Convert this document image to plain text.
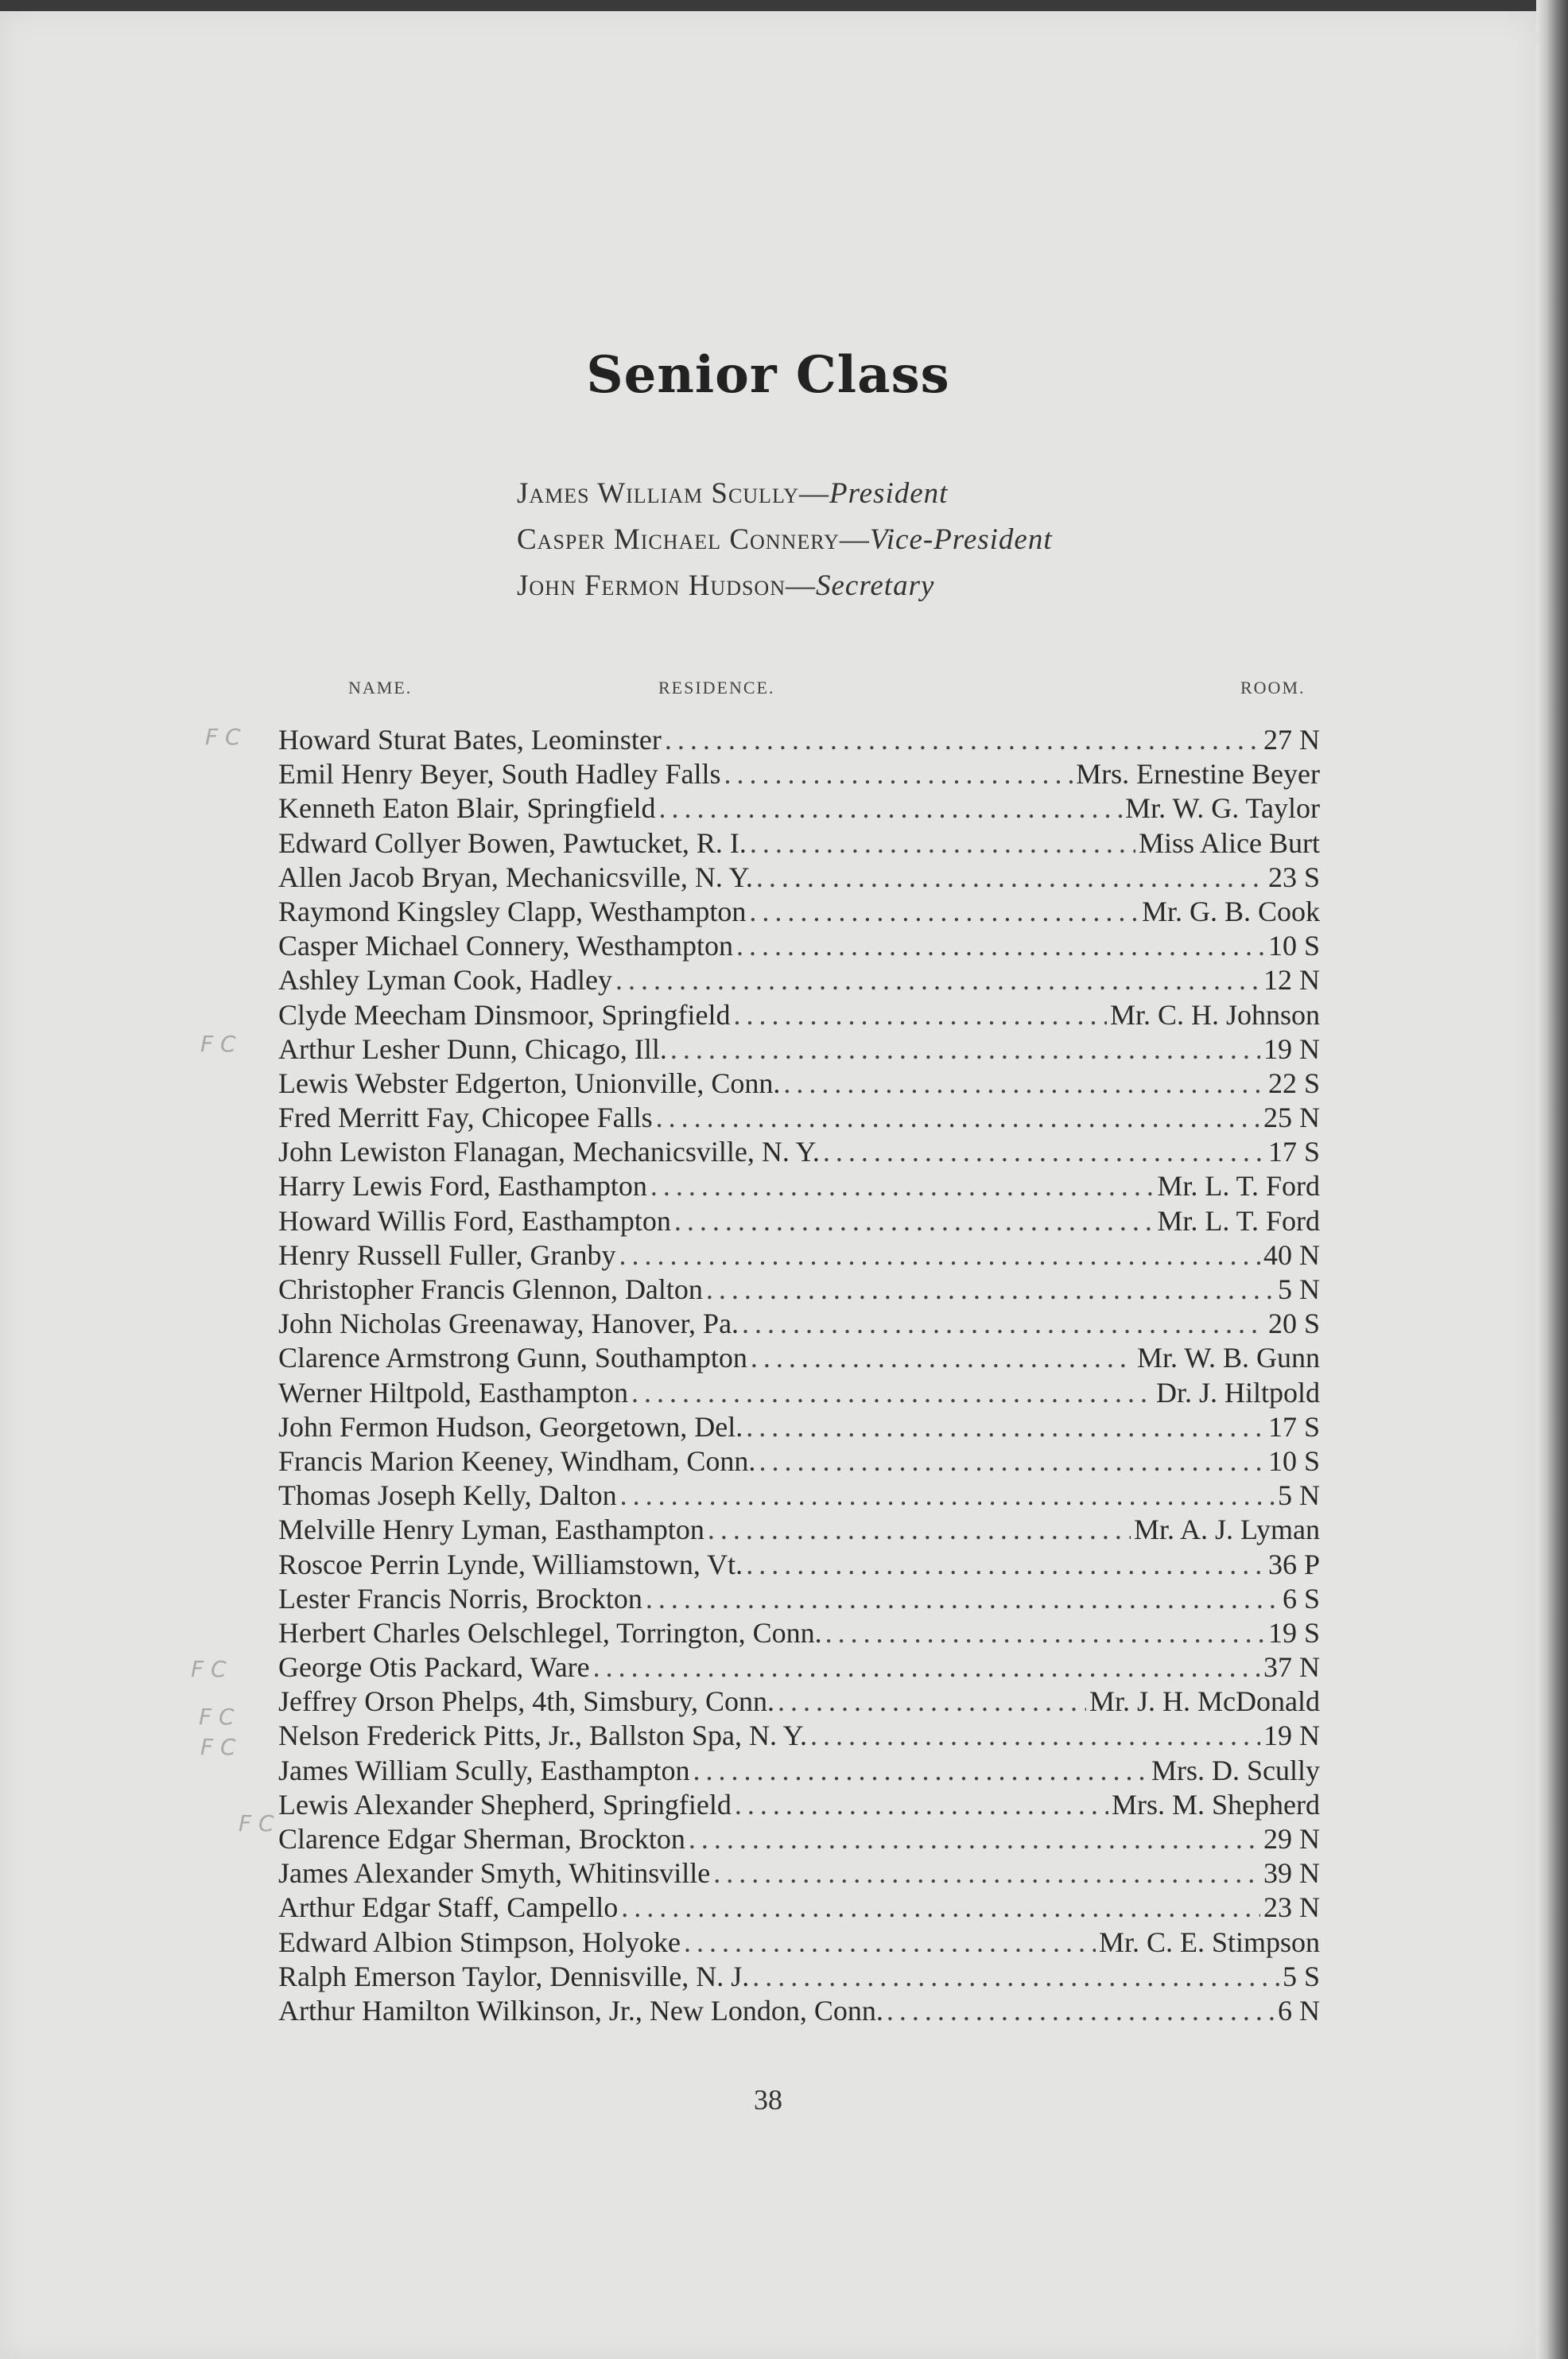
Senior Class
James William Scully—President
Casper Michael Connery—Vice-President
John Fermon Hudson—Secretary
NAME.	RESIDENCE.	ROOM.
Howard Sturat Bates, Leominster . . .	27 N
Emil Henry Beyer, South Hadley Falls . . .	Mrs. Ernestine Beyer
Kenneth Eaton Blair, Springfield . . .	Mr. W. G. Taylor
Edward Collyer Bowen, Pawtucket, R. I. . . .	Miss Alice Burt
Allen Jacob Bryan, Mechanicsville, N. Y. . . .	23 S
Raymond Kingsley Clapp, Westhampton . . .	Mr. G. B. Cook
Casper Michael Connery, Westhampton . . .	10 S
Ashley Lyman Cook, Hadley . . .	12 N
Clyde Meecham Dinsmoor, Springfield . . .	Mr. C. H. Johnson
Arthur Lesher Dunn, Chicago, Ill. . . .	19 N
Lewis Webster Edgerton, Unionville, Conn. . . .	22 S
Fred Merritt Fay, Chicopee Falls . . .	25 N
John Lewiston Flanagan, Mechanicsville, N. Y. . . .	17 S
Harry Lewis Ford, Easthampton . . .	Mr. L. T. Ford
Howard Willis Ford, Easthampton . . .	Mr. L. T. Ford
Henry Russell Fuller, Granby . . .	40 N
Christopher Francis Glennon, Dalton . . .	5 N
John Nicholas Greenaway, Hanover, Pa. . . .	20 S
Clarence Armstrong Gunn, Southampton . . .	Mr. W. B. Gunn
Werner Hiltpold, Easthampton . . .	Dr. J. Hiltpold
John Fermon Hudson, Georgetown, Del. . . .	17 S
Francis Marion Keeney, Windham, Conn. . . .	10 S
Thomas Joseph Kelly, Dalton . . .	5 N
Melville Henry Lyman, Easthampton . . .	Mr. A. J. Lyman
Roscoe Perrin Lynde, Williamstown, Vt. . . .	36 P
Lester Francis Norris, Brockton . . .	6 S
Herbert Charles Oelschlegel, Torrington, Conn. . . .	19 S
George Otis Packard, Ware . . .	37 N
Jeffrey Orson Phelps, 4th, Simsbury, Conn. . . .	Mr. J. H. McDonald
Nelson Frederick Pitts, Jr., Ballston Spa, N. Y. . . .	19 N
James William Scully, Easthampton . . .	Mrs. D. Scully
Lewis Alexander Shepherd, Springfield . . .	Mrs. M. Shepherd
Clarence Edgar Sherman, Brockton . . .	29 N
James Alexander Smyth, Whitinsville . . .	39 N
Arthur Edgar Staff, Campello . . .	23 N
Edward Albion Stimpson, Holyoke . . .	Mr. C. E. Stimpson
Ralph Emerson Taylor, Dennisville, N. J. . . .	5 S
Arthur Hamilton Wilkinson, Jr., New London, Conn. . . .	6 N
F C
F C
F C
F C
F C
F C
38
